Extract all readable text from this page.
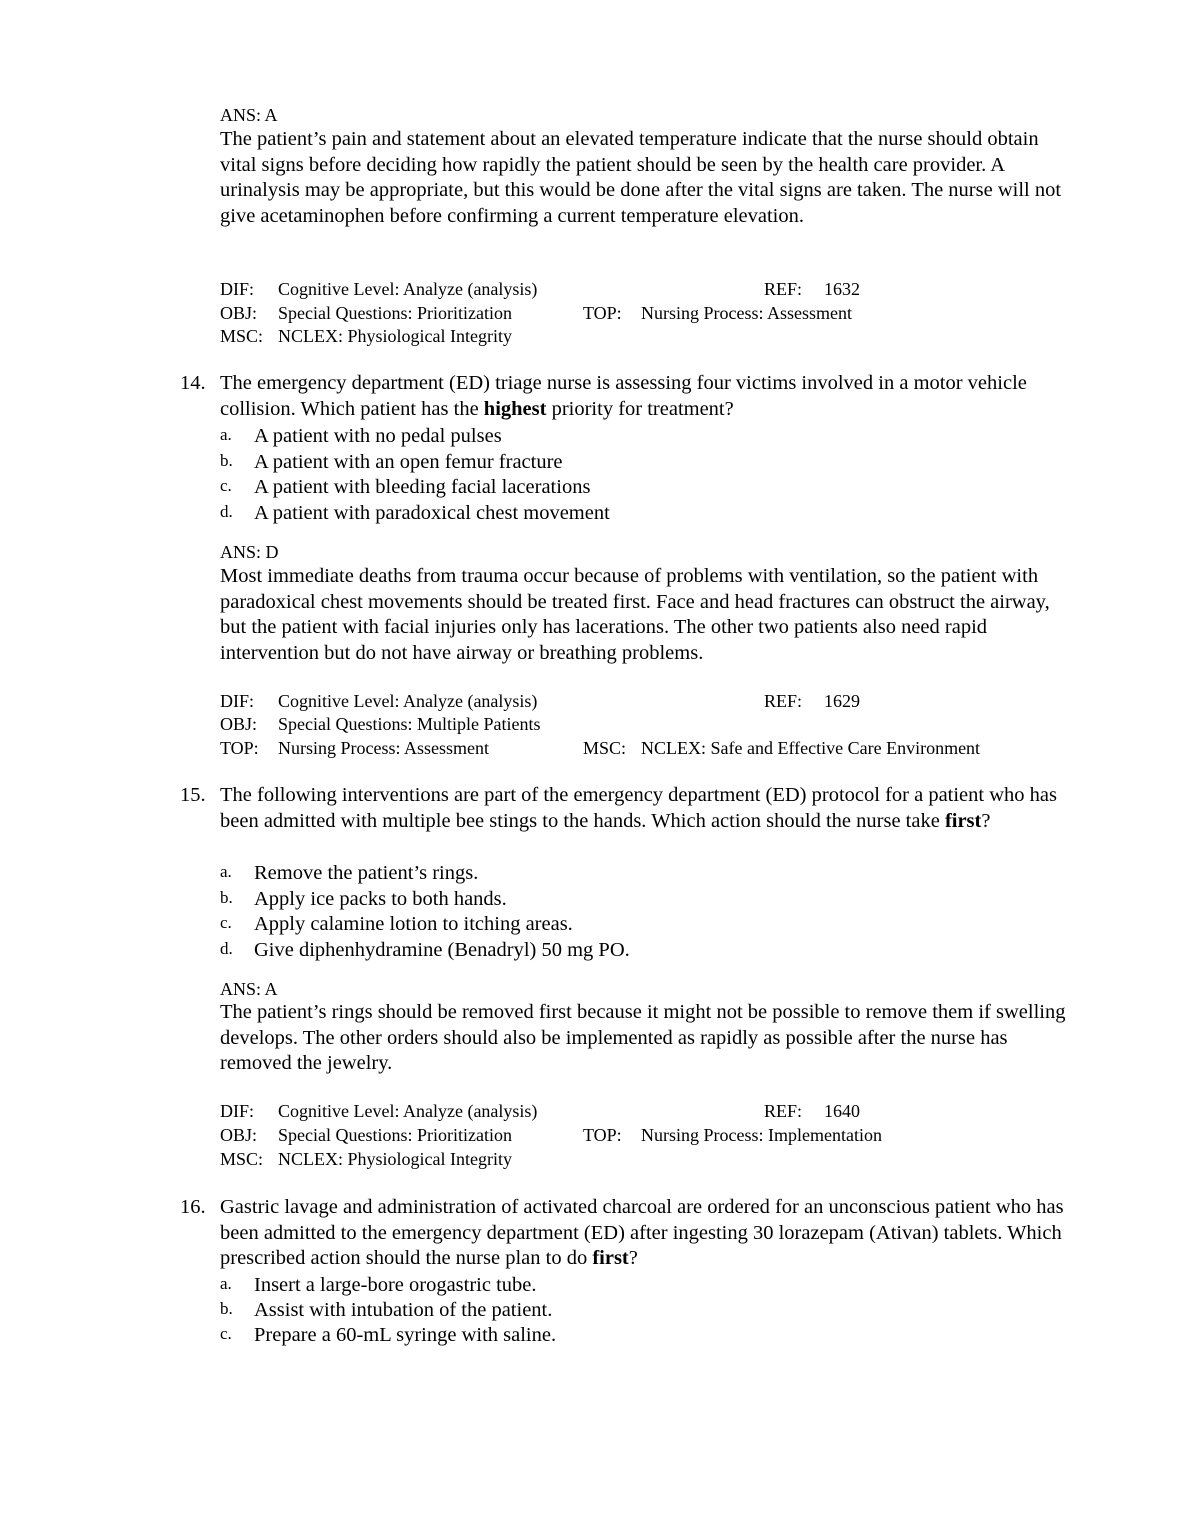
ANS: A
The patient’s pain and statement about an elevated temperature indicate that the nurse should obtain vital signs before deciding how rapidly the patient should be seen by the health care provider. A urinalysis may be appropriate, but this would be done after the vital signs are taken. The nurse will not give acetaminophen before confirming a current temperature elevation.
DIF: Cognitive Level: Analyze (analysis)	REF: 1632
OBJ: Special Questions: Prioritization	TOP: Nursing Process: Assessment
MSC: NCLEX: Physiological Integrity
14. The emergency department (ED) triage nurse is assessing four victims involved in a motor vehicle collision. Which patient has the highest priority for treatment?
a. A patient with no pedal pulses
b. A patient with an open femur fracture
c. A patient with bleeding facial lacerations
d. A patient with paradoxical chest movement
ANS: D
Most immediate deaths from trauma occur because of problems with ventilation, so the patient with paradoxical chest movements should be treated first. Face and head fractures can obstruct the airway, but the patient with facial injuries only has lacerations. The other two patients also need rapid intervention but do not have airway or breathing problems.
DIF: Cognitive Level: Analyze (analysis)	REF: 1629
OBJ: Special Questions: Multiple Patients
TOP: Nursing Process: Assessment	MSC: NCLEX: Safe and Effective Care Environment
15. The following interventions are part of the emergency department (ED) protocol for a patient who has been admitted with multiple bee stings to the hands. Which action should the nurse take first?
a. Remove the patient’s rings.
b. Apply ice packs to both hands.
c. Apply calamine lotion to itching areas.
d. Give diphenhydramine (Benadryl) 50 mg PO.
ANS: A
The patient’s rings should be removed first because it might not be possible to remove them if swelling develops. The other orders should also be implemented as rapidly as possible after the nurse has removed the jewelry.
DIF: Cognitive Level: Analyze (analysis)	REF: 1640
OBJ: Special Questions: Prioritization	TOP: Nursing Process: Implementation
MSC: NCLEX: Physiological Integrity
16. Gastric lavage and administration of activated charcoal are ordered for an unconscious patient who has been admitted to the emergency department (ED) after ingesting 30 lorazepam (Ativan) tablets. Which prescribed action should the nurse plan to do first?
a. Insert a large-bore orogastric tube.
b. Assist with intubation of the patient.
c. Prepare a 60-mL syringe with saline.
